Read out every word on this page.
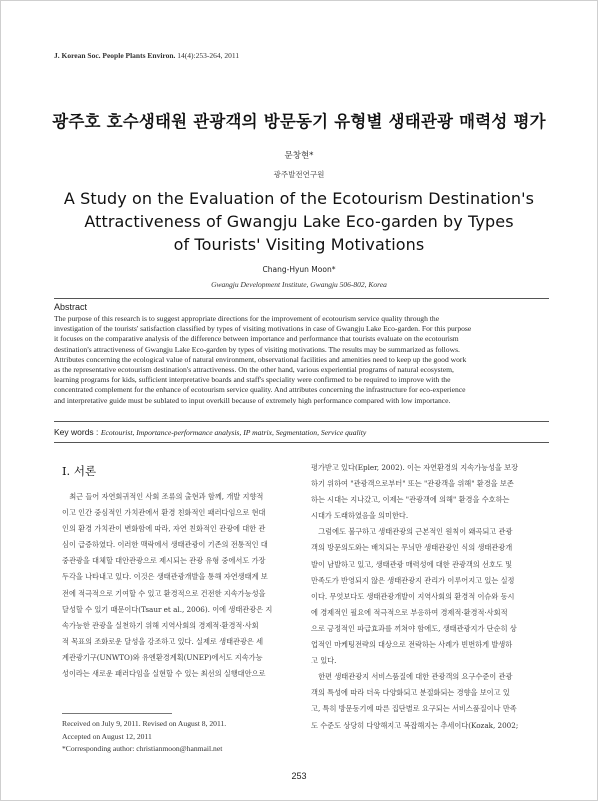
J. Korean Soc. People Plants Environ. 14(4):253-264, 2011
광주호 호수생태원 관광객의 방문동기 유형별 생태관광 매력성 평가
문창현*
광주발전연구원
A Study on the Evaluation of the Ecotourism Destination's
Attractiveness of Gwangju Lake Eco-garden by Types
of Tourists' Visiting Motivations
Chang-Hyun Moon*
Gwangju Development Institute, Gwangju 506-802, Korea
Abstract
The purpose of this research is to suggest appropriate directions for the improvement of ecotourism service quality through the
investigation of the tourists' satisfaction classified by types of visiting motivations in case of Gwangju Lake Eco-garden. For this purpose
it focuses on the comparative analysis of the difference between importance and performance that tourists evaluate on the ecotourism
destination's attractiveness of Gwangju Lake Eco-garden by types of visiting motivations. The results may be summarized as follows.
Attributes concerning the ecological value of natural environment, observational facilities and amenities need to keep up the good work
as the representative ecotourism destination's attractiveness. On the other hand, various experiential programs of natural ecosystem,
learning programs for kids, sufficient interpretative boards and staff's speciality were confirmed to be required to improve with the
concentrated complement for the enhance of ecotourism service quality. And attributes concerning the infrastructure for eco-experience
and interpretative guide must be sublated to input overkill because of extremely high performance compared with low importance.
Key words : Ecotourist, Importance-performance analysis, IP matrix, Segmentation, Service quality
I. 서론
　최근 들어 자연회귀적인 사회 조류의 출현과 함께, 개발 지향적
이고 인간 중심적인 가치관에서 환경 친화적인 패러다임으로 현대
인의 환경 가치관이 변화함에 따라, 자연 친화적인 관광에 대한 관
심이 급증하였다. 이러한 맥락에서 생태관광이 기존의 전통적인 대
중관광을 대체할 대안관광으로 제시되는 관광 유형 중에서도 가장
두각을 나타내고 있다. 이것은 생태관광개발을 통해 자연생태계 보
전에 적극적으로 기여할 수 있고 환경적으로 건전한 지속가능성을
달성할 수 있기 때문이다(Tsaur et al., 2006). 이에 생태관광은 지
속가능한 관광을 실천하기 위해 지역사회의 경제적·환경적·사회
적 목표의 조화로운 달성을 강조하고 있다. 실제로 생태관광은 세
계관광기구(UNWTO)와 유엔환경계획(UNEP)에서도 지속가능
성이라는 새로운 패러다임을 실현할 수 있는 최선의 실행대안으로
평가받고 있다(Epler, 2002). 이는 자연환경의 지속가능성을 보장
하기 위하여 "관광객으로부터" 또는 "관광객을 위해" 환경을 보존
하는 시대는 지나갔고, 이제는 "관광객에 의해" 환경을 수호하는
시대가 도래하였음을 의미한다.
　그럼에도 불구하고 생태관광의 근본적인 원칙이 왜곡되고 관광
객의 방문의도와는 배치되는 무늬만 생태관광인 식의 생태관광개
발이 남발하고 있고, 생태관광 매력성에 대한 관광객의 선호도 및
만족도가 반영되지 않은 생태관광지 관리가 이루어지고 있는 실정
이다. 무엇보다도 생태관광개발이 지역사회의 환경적 이슈와 동시
에 경제적인 필요에 적극적으로 부응하여 경제적·환경적·사회적
으로 긍정적인 파급효과를 끼쳐야 함에도, 생태관광지가 단순히 상
업적인 마케팅전략의 대상으로 전락하는 사례가 빈번하게 발생하
고 있다.
　한편 생태관광지 서비스품질에 대한 관광객의 요구수준이 관광
객의 특성에 따라 더욱 다양화되고 분절화되는 경향을 보이고 있
고, 특히 방문동기에 따른 집단별로 요구되는 서비스품질이나 만족
도 수준도 상당히 다양해지고 복잡해지는 추세이다(Kozak, 2002;
Received on July 9, 2011. Revised on August 8, 2011.
Accepted on August 12, 2011
*Corresponding author: christianmoon@hanmail.net
253
